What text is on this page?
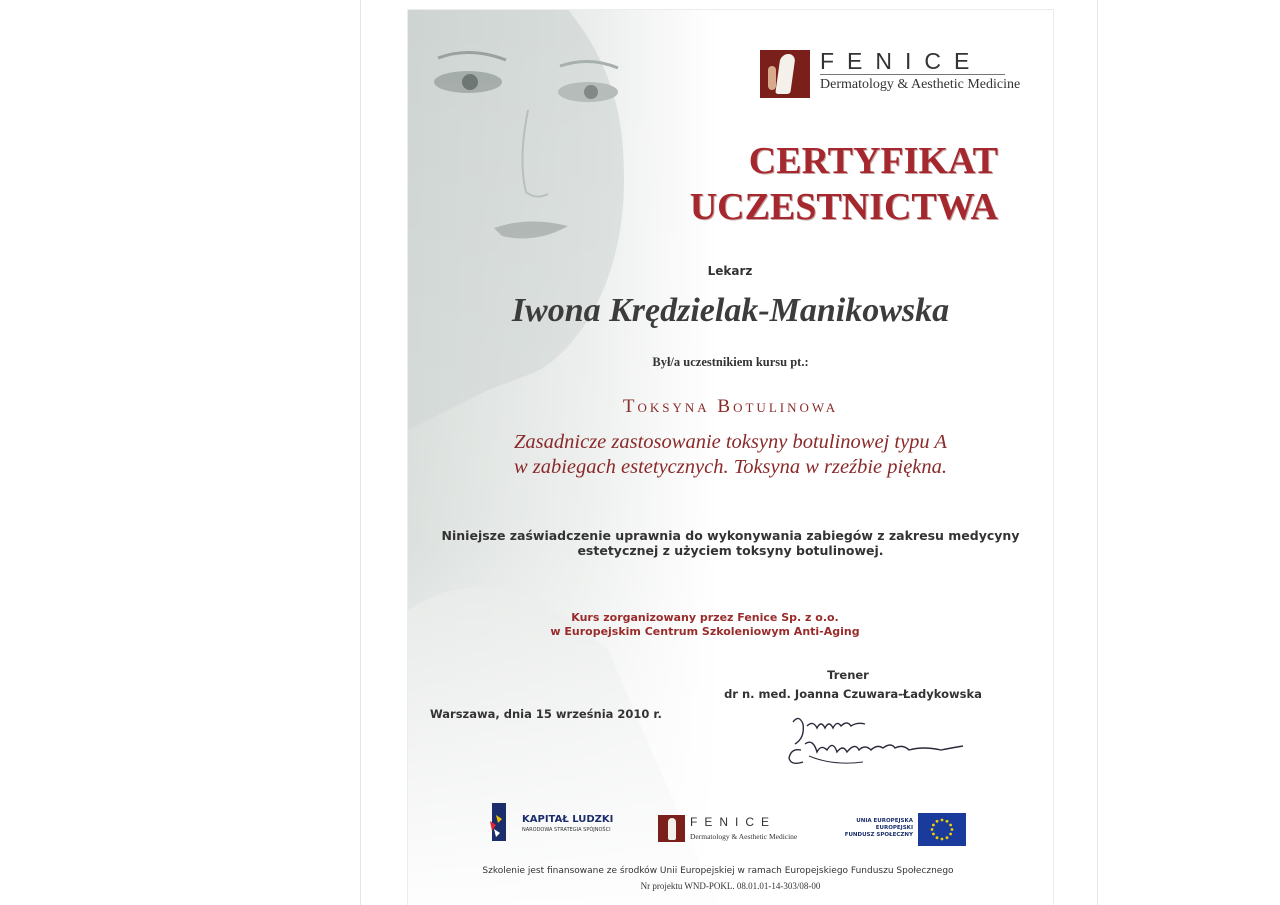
FENICE
Dermatology & Aesthetic Medicine
CERTYFIKAT
UCZESTNICTWA
Lekarz
Iwona Krędzielak-Manikowska
Był/a uczestnikiem kursu pt.:
Toksyna Botulinowa
Zasadnicze zastosowanie toksyny botulinowej typu A
w zabiegach estetycznych. Toksyna w rzeźbie piękna.
Niniejsze zaświadczenie uprawnia do wykonywania zabiegów z zakresu medycyny
estetycznej z użyciem toksyny botulinowej.
Kurs zorganizowany przez Fenice Sp. z o.o.
w Europejskim Centrum Szkoleniowym Anti-Aging
Warszawa, dnia 15 września 2010 r.
Trener
dr n. med. Joanna Czuwara-Ładykowska
KAPITAŁ LUDZKI
NARODOWA STRATEGIA SPÓJNOŚCI
FENICE
Dermatology & Aesthetic Medicine
UNIA EUROPEJSKA
EUROPEJSKI
FUNDUSZ SPOŁECZNY
Szkolenie jest finansowane ze środków Unii Europejskiej w ramach Europejskiego Funduszu Społecznego
Nr projektu WND-POKL. 08.01.01-14-303/08-00
